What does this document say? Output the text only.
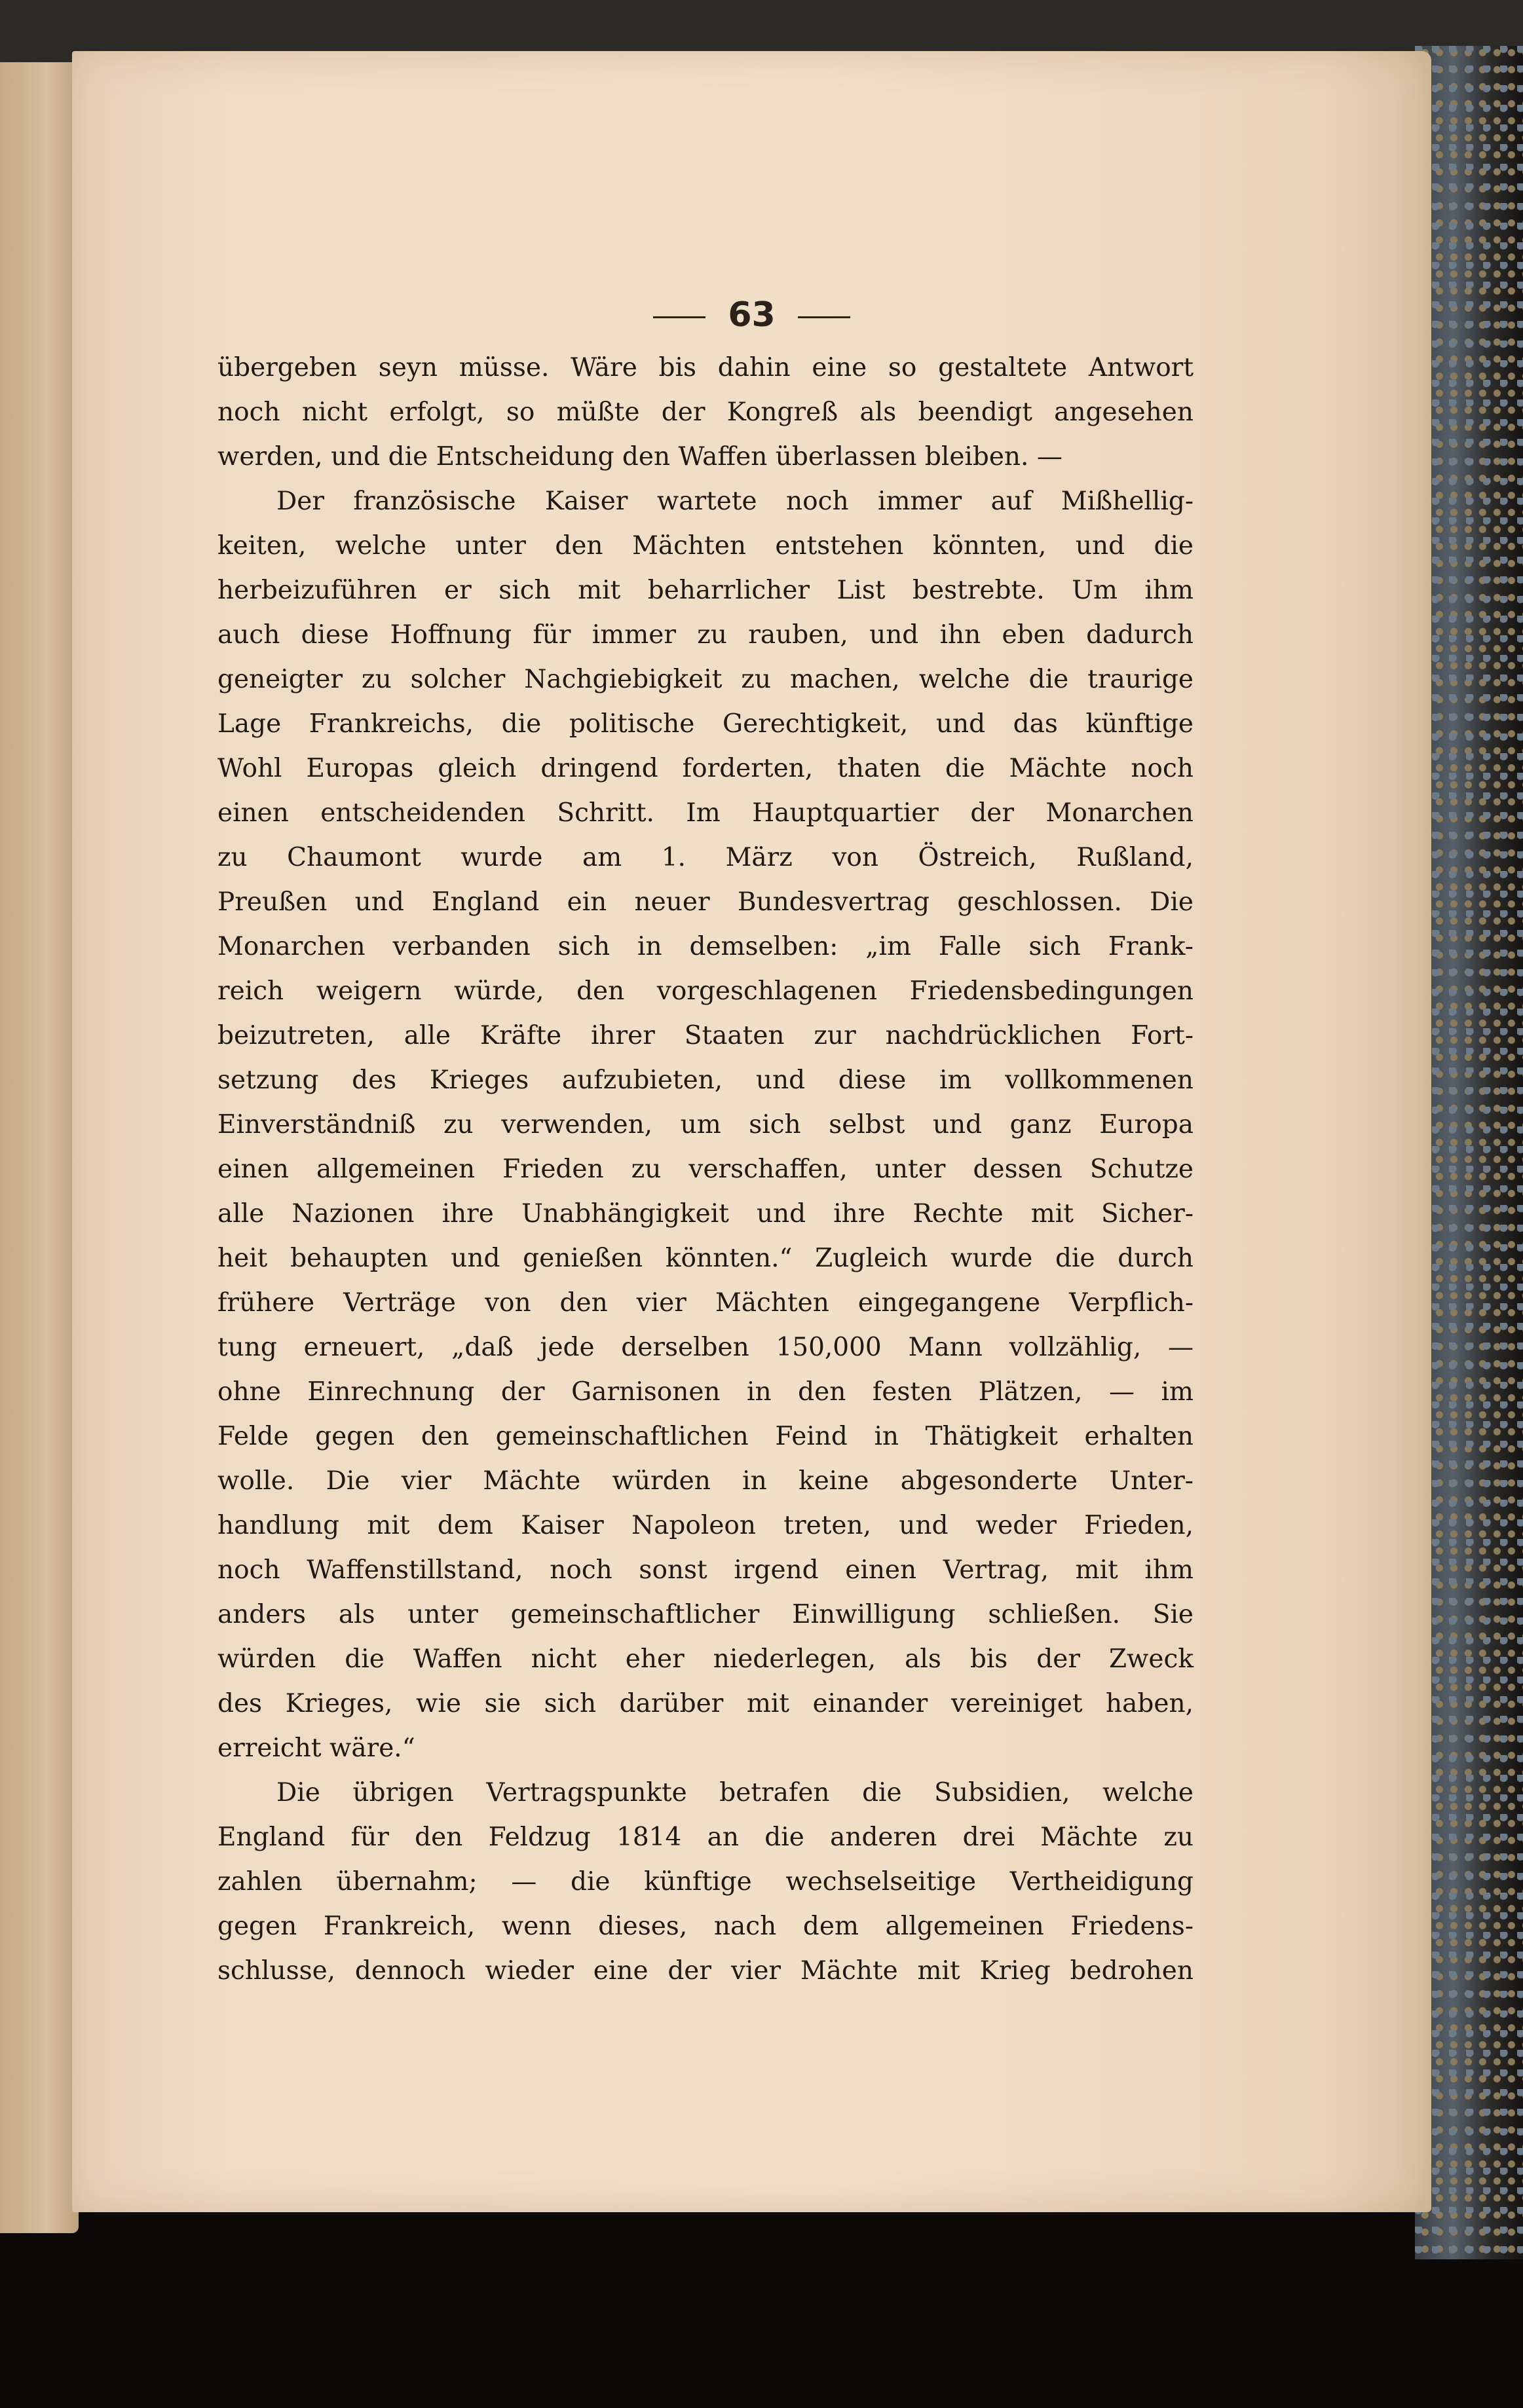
63
übergeben seyn müsse. Wäre bis dahin eine so gestaltete Antwort
noch nicht erfolgt, so müßte der Kongreß als beendigt angesehen
werden, und die Entscheidung den Waffen überlassen bleiben. —
Der französische Kaiser wartete noch immer auf Mißhellig-
keiten, welche unter den Mächten entstehen könnten, und die
herbeizuführen er sich mit beharrlicher List bestrebte. Um ihm
auch diese Hoffnung für immer zu rauben, und ihn eben dadurch
geneigter zu solcher Nachgiebigkeit zu machen, welche die traurige
Lage Frankreichs, die politische Gerechtigkeit, und das künftige
Wohl Europas gleich dringend forderten, thaten die Mächte noch
einen entscheidenden Schritt. Im Hauptquartier der Monarchen
zu Chaumont wurde am 1. März von Östreich, Rußland,
Preußen und England ein neuer Bundesvertrag geschlossen. Die
Monarchen verbanden sich in demselben: „im Falle sich Frank-
reich weigern würde, den vorgeschlagenen Friedensbedingungen
beizutreten, alle Kräfte ihrer Staaten zur nachdrücklichen Fort-
setzung des Krieges aufzubieten, und diese im vollkommenen
Einverständniß zu verwenden, um sich selbst und ganz Europa
einen allgemeinen Frieden zu verschaffen, unter dessen Schutze
alle Nazionen ihre Unabhängigkeit und ihre Rechte mit Sicher-
heit behaupten und genießen könnten.“ Zugleich wurde die durch
frühere Verträge von den vier Mächten eingegangene Verpflich-
tung erneuert, „daß jede derselben 150,000 Mann vollzählig, —
ohne Einrechnung der Garnisonen in den festen Plätzen, — im
Felde gegen den gemeinschaftlichen Feind in Thätigkeit erhalten
wolle. Die vier Mächte würden in keine abgesonderte Unter-
handlung mit dem Kaiser Napoleon treten, und weder Frieden,
noch Waffenstillstand, noch sonst irgend einen Vertrag, mit ihm
anders als unter gemeinschaftlicher Einwilligung schließen. Sie
würden die Waffen nicht eher niederlegen, als bis der Zweck
des Krieges, wie sie sich darüber mit einander vereiniget haben,
erreicht wäre.“
Die übrigen Vertragspunkte betrafen die Subsidien, welche
England für den Feldzug 1814 an die anderen drei Mächte zu
zahlen übernahm; — die künftige wechselseitige Vertheidigung
gegen Frankreich, wenn dieses, nach dem allgemeinen Friedens-
schlusse, dennoch wieder eine der vier Mächte mit Krieg bedrohen
